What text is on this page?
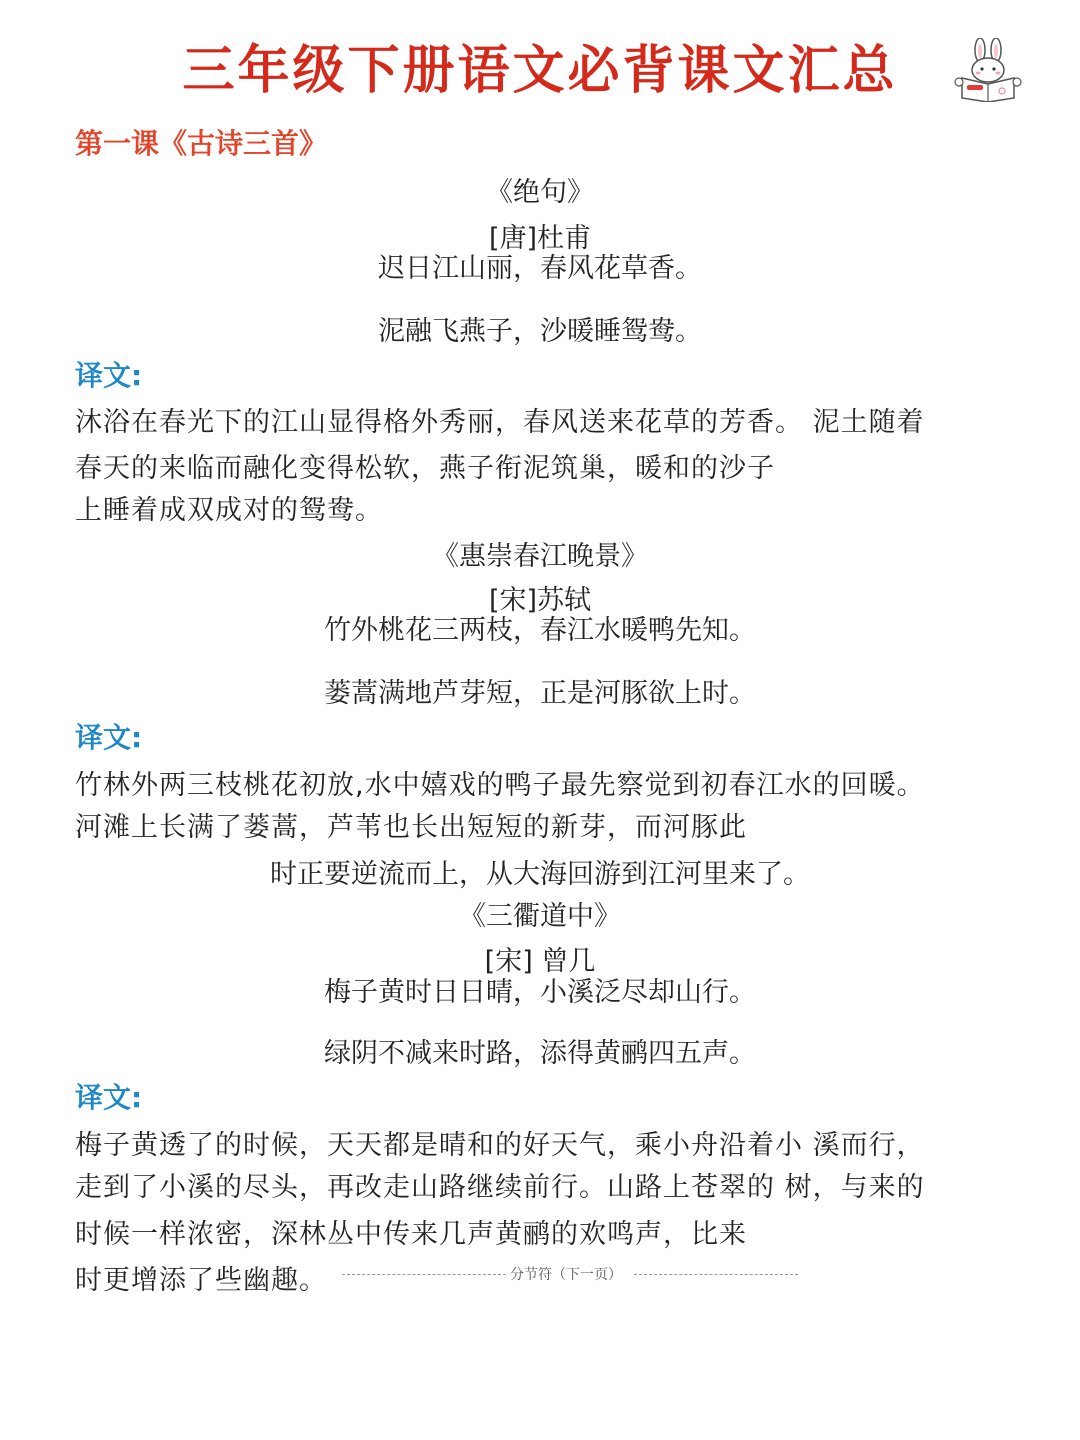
三年级下册语文必背课文汇总
第一课《古诗三首》
《绝句》
[唐]杜甫
迟日江山丽，春风花草香。
泥融飞燕子，沙暖睡鸳鸯。
译文:
沐浴在春光下的江山显得格外秀丽，春风送来花草的芳香。 泥土随着
春天的来临而融化变得松软，燕子衔泥筑巢，暖和的沙子
上睡着成双成对的鸳鸯。
《惠崇春江晚景》
[宋]苏轼
竹外桃花三两枝，春江水暖鸭先知。
蒌蒿满地芦芽短，正是河豚欲上时。
译文:
竹林外两三枝桃花初放,水中嬉戏的鸭子最先察觉到初春江水的回暖。
河滩上长满了蒌蒿，芦苇也长出短短的新芽，而河豚此
时正要逆流而上，从大海回游到江河里来了。
《三衢道中》
[宋] 曾几
梅子黄时日日晴，小溪泛尽却山行。
绿阴不减来时路，添得黄鹂四五声。
译文:
梅子黄透了的时候，天天都是晴和的好天气，乘小舟沿着小 溪而行，
走到了小溪的尽头，再改走山路继续前行。山路上苍翠的 树，与来的
时候一样浓密，深林丛中传来几声黄鹂的欢鸣声，比来
时更增添了些幽趣。	分节符（下一页）
